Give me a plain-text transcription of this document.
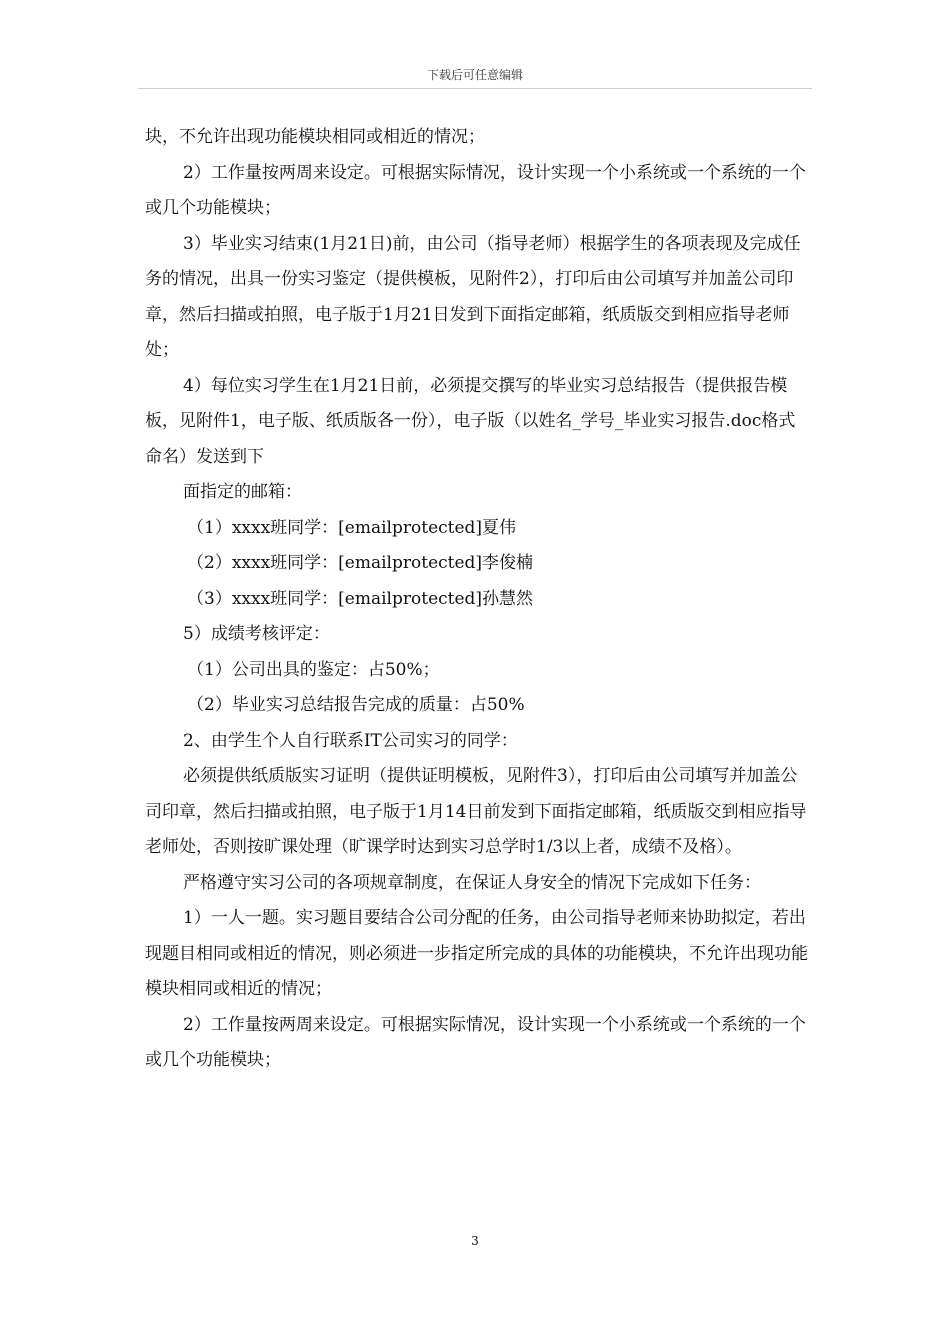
下载后可任意编辑

块，不允许出现功能模块相同或相近的情况；

2）工作量按两周来设定。可根据实际情况，设计实现一个小系统或一个系统的一个或几个功能模块；

3）毕业实习结束(1月21日)前，由公司（指导老师）根据学生的各项表现及完成任务的情况，出具一份实习鉴定（提供模板，见附件2），打印后由公司填写并加盖公司印章，然后扫描或拍照，电子版于1月21日发到下面指定邮箱，纸质版交到相应指导老师处；

4）每位实习学生在1月21日前，必须提交撰写的毕业实习总结报告（提供报告模板，见附件1，电子版、纸质版各一份），电子版（以姓名_学号_毕业实习报告.doc格式命名）发送到下

面指定的邮箱：

（1）xxxx班同学：[emailprotected]夏伟

（2）xxxx班同学：[emailprotected]李俊楠

（3）xxxx班同学：[emailprotected]孙慧然

5）成绩考核评定：

（1）公司出具的鉴定：占50%；

（2）毕业实习总结报告完成的质量：占50%

2、由学生个人自行联系IT公司实习的同学：

必须提供纸质版实习证明（提供证明模板，见附件3），打印后由公司填写并加盖公司印章，然后扫描或拍照，电子版于1月14日前发到下面指定邮箱，纸质版交到相应指导老师处，否则按旷课处理（旷课学时达到实习总学时1/3以上者，成绩不及格）。

严格遵守实习公司的各项规章制度，在保证人身安全的情况下完成如下任务：

1）一人一题。实习题目要结合公司分配的任务，由公司指导老师来协助拟定，若出现题目相同或相近的情况，则必须进一步指定所完成的具体的功能模块，不允许出现功能模块相同或相近的情况；

2）工作量按两周来设定。可根据实际情况，设计实现一个小系统或一个系统的一个或几个功能模块；

3
